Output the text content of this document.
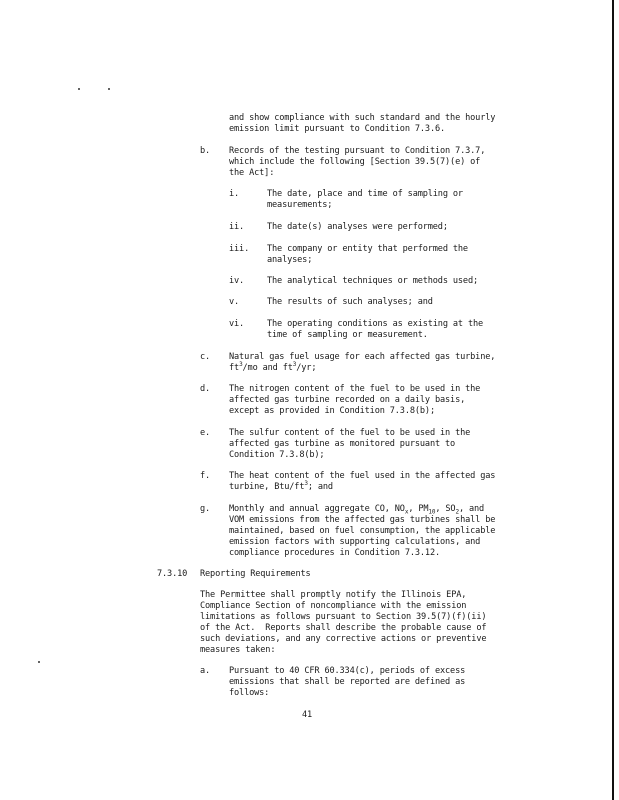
and show compliance with such standard and the hourly
emission limit pursuant to Condition 7.3.6.
b. Records of the testing pursuant to Condition 7.3.7,
which include the following [Section 39.5(7)(e) of
the Act]:
i.	The date, place and time of sampling or
measurements;
ii.	The date(s) analyses were performed;
iii. The company or entity that performed the
analyses;
iv.	The analytical techniques or methods used;
v.	The results of such analyses; and
vi.	The operating conditions as existing at the
time of sampling or measurement.
c. Natural gas fuel usage for each affected gas turbine,
$ft^3/mo$ and $ft^3/yr$;
d. The nitrogen content of the fuel to be used in the
affected gas turbine recorded on a daily basis,
except as provided in Condition 7.3.8(b);
e. The sulfur content of the fuel to be used in the
affected gas turbine as monitored pursuant to
Condition 7.3.8(b);
f. The heat content of the fuel used in the affected gas
turbine, Btu/$ft^3$; and
g. Monthly and annual aggregate CO, $NO_x$, $PM_{10}$, $SO_2$, and
VOM emissions from the affected gas turbines shall be
maintained, based on fuel consumption, the applicable
emission factors with supporting calculations, and
compliance procedures in Condition 7.3.12.
7.3.10 Reporting Requirements
The Permittee shall promptly notify the Illinois EPA,
Compliance Section of noncompliance with the emission
limitations as follows pursuant to Section 39.5(7)(f)(ii)
of the Act.  Reports shall describe the probable cause of
such deviations, and any corrective actions or preventive
measures taken:
a. Pursuant to 40 CFR 60.334(c), periods of excess
emissions that shall be reported are defined as
follows:
41
